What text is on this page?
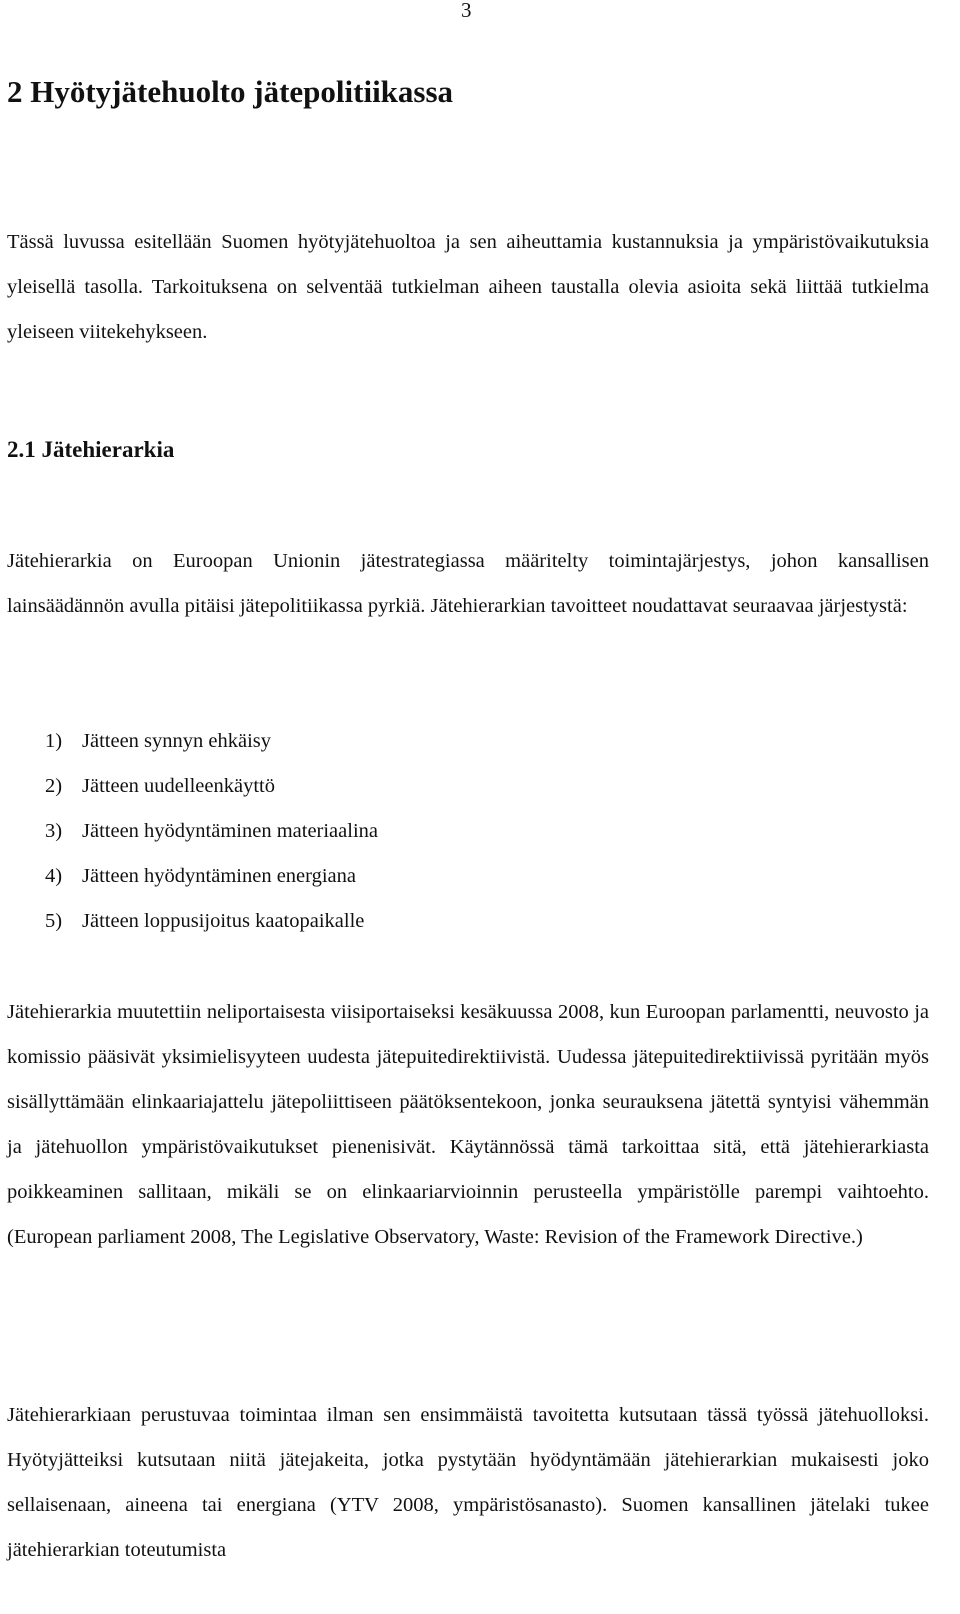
3
2 Hyötyjätehuolto jätepolitiikassa

Tässä luvussa esitellään Suomen hyötyjätehuoltoa ja sen aiheuttamia kustannuksia ja ympäristövaikutuksia yleisellä tasolla. Tarkoituksena on selventää tutkielman aiheen taustalla olevia asioita sekä liittää tutkielma yleiseen viitekehykseen.

2.1 Jätehierarkia

Jätehierarkia on Euroopan Unionin jätestrategiassa määritelty toimintajärjestys, johon kansallisen lainsäädännön avulla pitäisi jätepolitiikassa pyrkiä. Jätehierarkian tavoitteet noudattavat seuraavaa järjestystä:

1) Jätteen synnyn ehkäisy
2) Jätteen uudelleenkäyttö
3) Jätteen hyödyntäminen materiaalina
4) Jätteen hyödyntäminen energiana
5) Jätteen loppusijoitus kaatopaikalle

Jätehierarkia muutettiin neliportaisesta viisiportaiseksi kesäkuussa 2008, kun Euroopan parlamentti, neuvosto ja komissio pääsivät yksimielisyyteen uudesta jätepuitedirektiivistä. Uudessa jätepuitedirektiivissä pyritään myös sisällyttämään elinkaariajattelu jätepoliittiseen päätöksentekoon, jonka seurauksena jätettä syntyisi vähemmän ja jätehuollon ympäristövaikutukset pienenisivät. Käytännössä tämä tarkoittaa sitä, että jätehierarkiasta poikkeaminen sallitaan, mikäli se on elinkaariarvioinnin perusteella ympäristölle parempi vaihtoehto. (European parliament 2008, The Legislative Observatory, Waste: Revision of the Framework Directive.)

Jätehierarkiaan perustuvaa toimintaa ilman sen ensimmäistä tavoitetta kutsutaan tässä työssä jätehuolloksi. Hyötyjätteiksi kutsutaan niitä jätejakeita, jotka pystytään hyödyntämään jätehierarkian mukaisesti joko sellaisenaan, aineena tai energiana (YTV 2008, ympäristösanasto). Suomen kansallinen jätelaki tukee jätehierarkian toteutumista
